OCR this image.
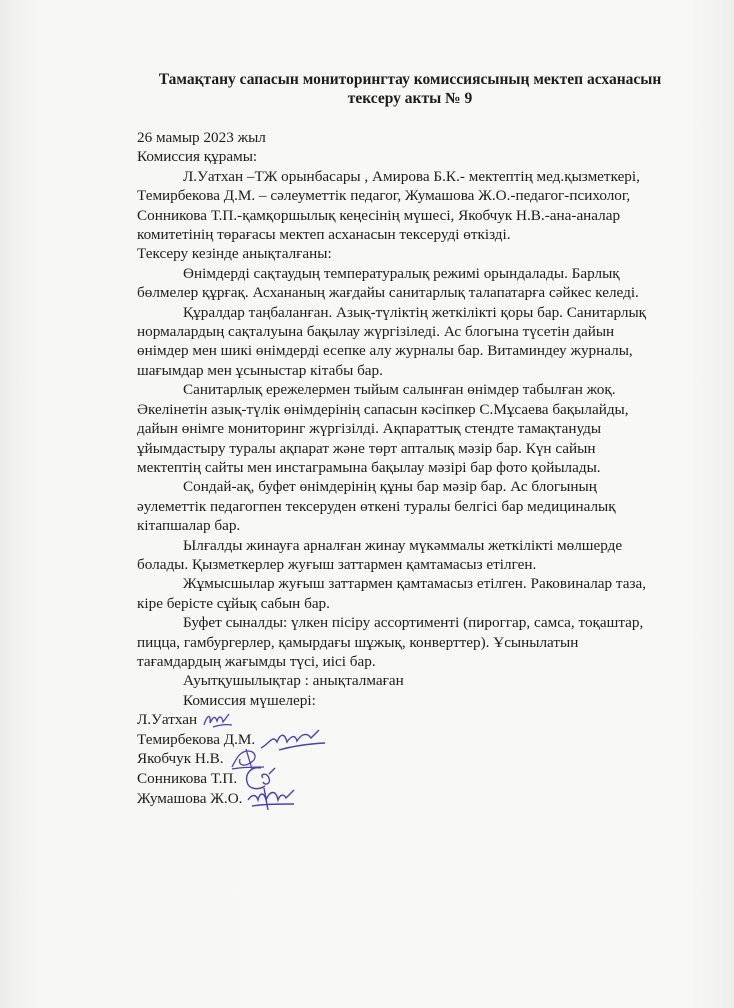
Тамақтану сапасын мониторингтау комиссиясының мектеп асханасын
тексеру акты № 9
26 мамыр 2023 жыл
Комиссия құрамы:
Л.Уатхан –ТЖ орынбасары , Амирова Б.К.- мектептің мед.қызметкері,
Темирбекова Д.М. – сәлеуметтік педагог, Жумашова Ж.О.-педагог-психолог,
Сонникова Т.П.-қамқоршылық кеңесінің мүшесі, Якобчук Н.В.-ана-аналар
комитетінің төрағасы мектеп асханасын тексеруді өткізді.
Тексеру кезінде анықталғаны:
Өнімдерді сақтаудың температуралық режимі орындалады. Барлық
бөлмелер құрғақ. Асхананың жағдайы санитарлық талапатарға сәйкес келеді.
Құралдар таңбаланған. Азық-түліктің жеткілікті қоры бар. Санитарлық
нормалардың сақталуына бақылау жүргізіледі. Ас блогына түсетін дайын
өнімдер мен шикі өнімдерді есепке алу журналы бар. Витаминдеу журналы,
шағымдар мен ұсыныстар кітабы бар.
Санитарлық ережелермен тыйым салынған өнімдер табылған жоқ.
Әкелінетін азық-түлік өнімдерінің сапасын кәсіпкер С.Мұсаева бақылайды,
дайын өнімге мониторинг жүргізілді. Ақпараттық стендте тамақтануды
ұйымдастыру туралы ақпарат және төрт апталық мәзір бар. Күн сайын
мектептің сайты мен инстаграмына бақылау мәзірі бар фото қойылады.
Сондай-ақ, буфет өнімдерінің құны бар мәзір бар. Ас блогының
әулеметтік педагогпен тексеруден өткені туралы белгісі бар медициналық
кітапшалар бар.
Ылғалды жинауға арналған жинау мүкәммалы жеткілікті мөлшерде
болады. Қызметкерлер жуғыш заттармен қамтамасыз етілген.
Жұмысшылар жуғыш заттармен қамтамасыз етілген. Раковиналар таза,
кіре берісте сұйық сабын бар.
Буфет сыналды: үлкен пісіру ассортименті (пироггар, самса, тоқаштар,
пицца, гамбургерлер, қамырдағы шұжық, конверттер). Ұсынылатын
тағамдардың жағымды түсі, иісі бар.
Ауытқушылықтар : анықталмаған
Комиссия мүшелері:
Л.Уатхан
Темирбекова Д.М.
Якобчук Н.В.
Сонникова Т.П.
Жумашова Ж.О.
